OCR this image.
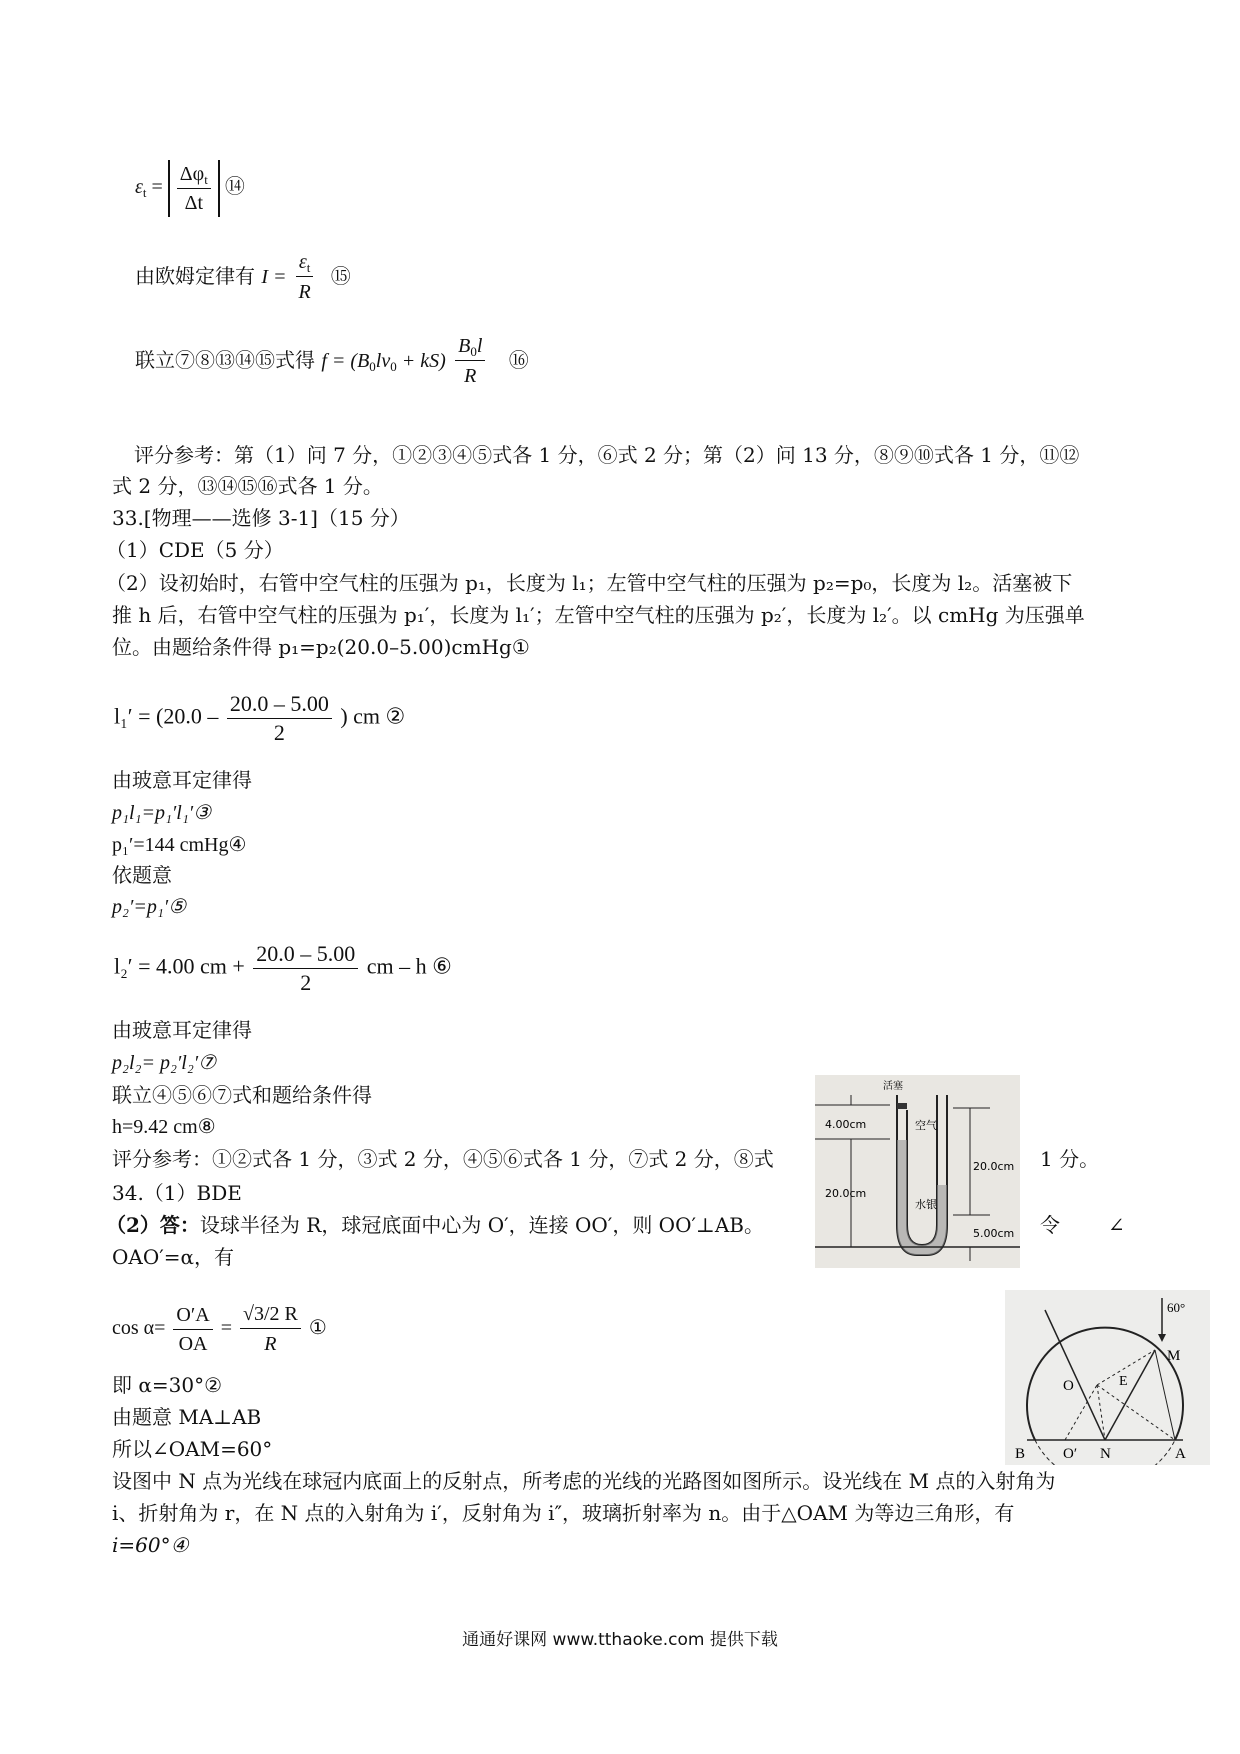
$\varepsilon_t = \frac{\Delta\varphi_t}{\Delta t}$ ⑭
由欧姆定律有 $I = \frac{\varepsilon_t}{R}$ ⑮
联立⑦⑧⑬⑭⑮式得 $f = (B_0lv_0 + kS) \frac{B_0l}{R}$ ⑯
评分参考：第（1）问 7 分，①②③④⑤式各 1 分，⑥式 2 分；第（2）问 13 分，⑧⑨⑩式各 1 分，⑪⑫
式 2 分，⑬⑭⑮⑯式各 1 分。
33.[物理——选修 3-1]（15 分）
（1）CDE（5 分）
（2）设初始时，右管中空气柱的压强为 p₁，长度为 l₁；左管中空气柱的压强为 p₂=p₀，长度为 l₂。活塞被下
推 h 后，右管中空气柱的压强为 p₁′，长度为 l₁′；左管中空气柱的压强为 p₂′，长度为 l₂′。以 cmHg 为压强单
位。由题给条件得 p₁=p₂(20.0–5.00)cmHg①
$l_1' = (20.0 - \frac{20.0 - 5.00}{2}$ ) cm ②
由玻意耳定律得
p₁l₁=p₁′l₁′③
p₁′=144 cmHg④
依题意
p₂′=p₁′⑤
l₂′ = 4.00 cm + $\frac{20.0 - 5.00}{2}$ cm – h ⑥
由玻意耳定律得
p₂l₂= p₂′l₂′⑦
联立④⑤⑥⑦式和题给条件得
h=9.42 cm⑧
评分参考：①②式各 1 分，③式 2 分，④⑤⑥式各 1 分，⑦式 2 分，⑧式	1 分。
活塞
空气
水银
4.00cm
20.0cm
20.0cm
5.00cm
34.（1）BDE
（2）答：设球半径为 R，球冠底面中心为 O′，连接 OO′，则 OO′⊥AB。	令 ∠
OAO′=α，有
$\cos \alpha= \frac{O'A}{OA} = \frac{√3/2 R}{R}$ ①
即 α=30°②
由题意 MA⊥AB
所以∠OAM=60°
设图中 N 点为光线在球冠内底面上的反射点，所考虑的光线的光路图如图所示。设光线在 M 点的入射角为
i、折射角为 r，在 N 点的入射角为 i′，反射角为 i″，玻璃折射率为 n。由于△OAM 为等边三角形，有
i=60°④
60°
M
O	E
B	O′ N	A
通通好课网 www.tthaoke.com 提供下载
